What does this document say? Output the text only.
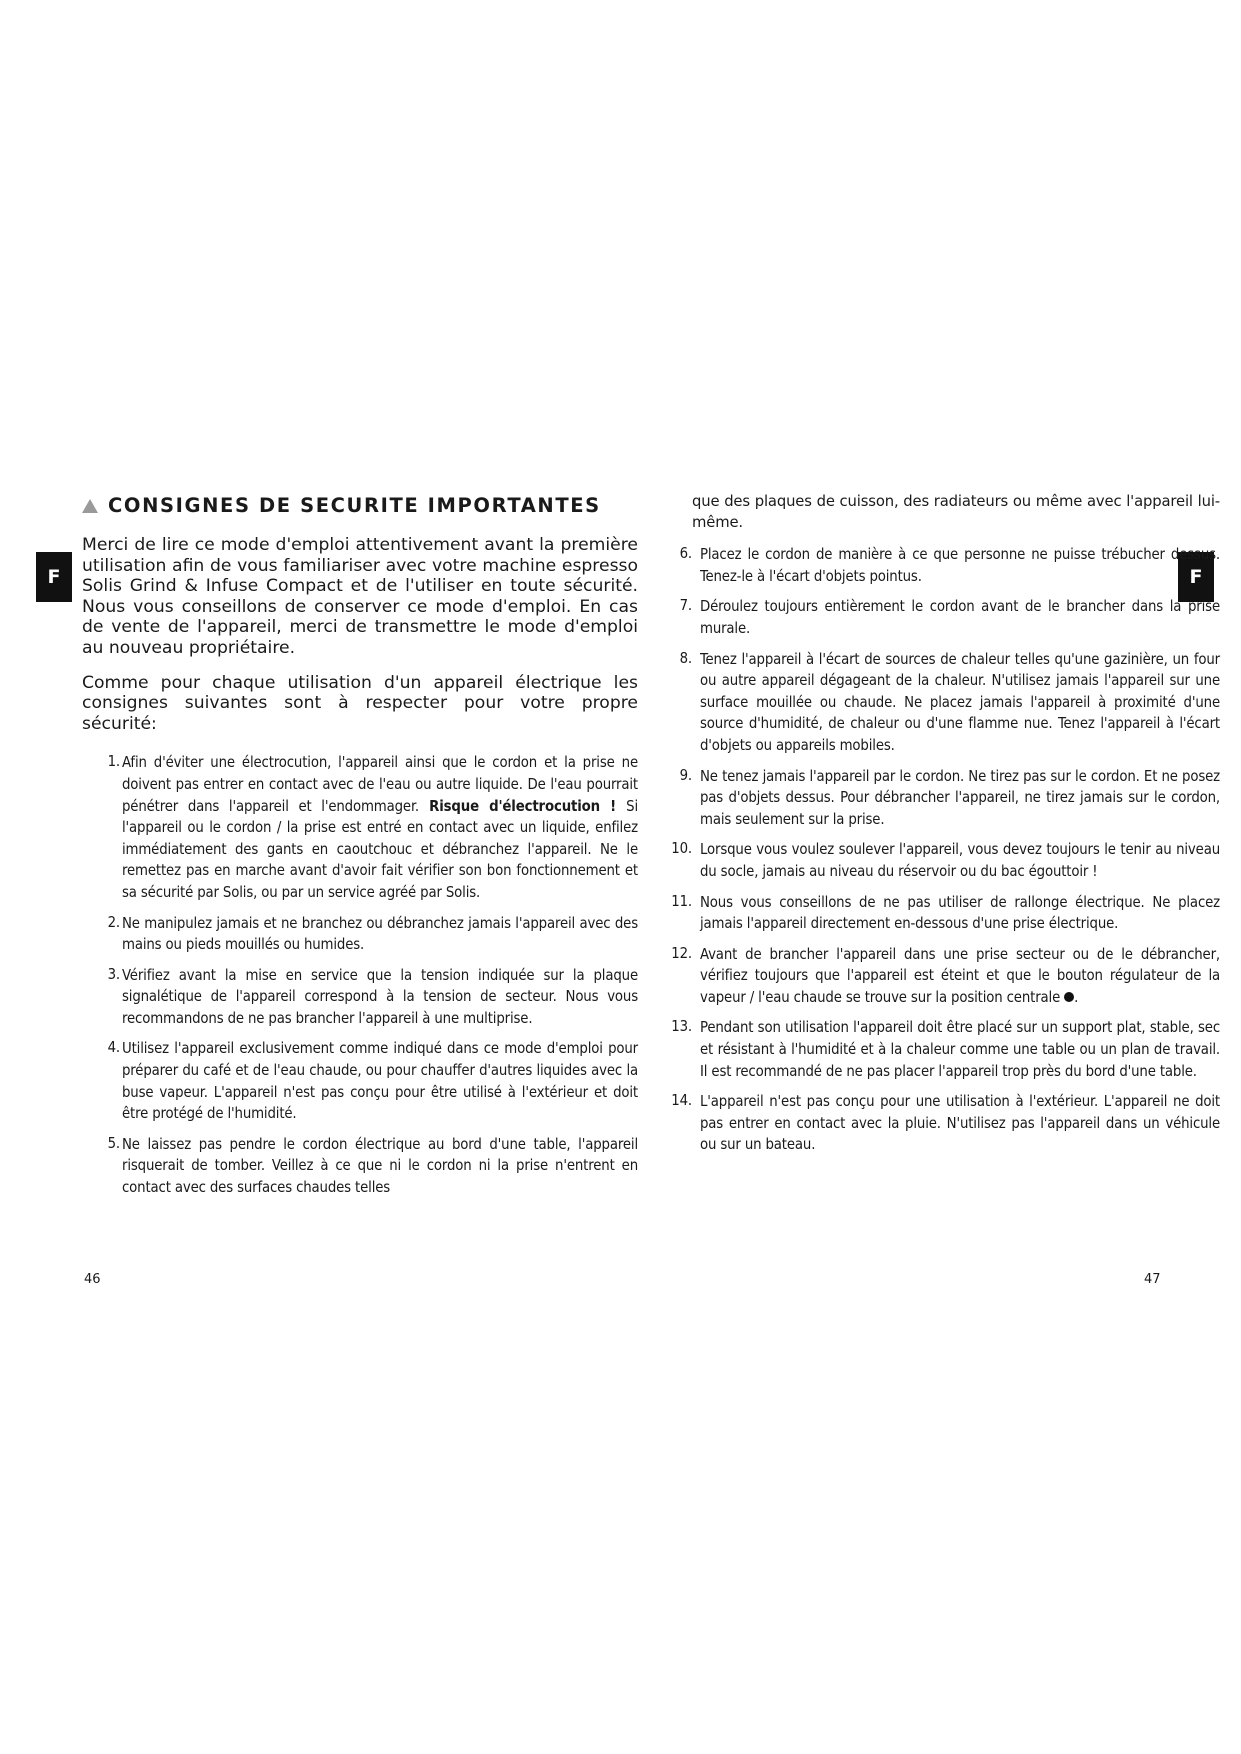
F	F
CONSIGNES DE SECURITE IMPORTANTES

Merci de lire ce mode d'emploi attentivement avant la première utilisation afin de vous familiariser avec votre machine espresso Solis Grind & Infuse Compact et de l'utiliser en toute sécurité. Nous vous conseillons de conserver ce mode d'emploi. En cas de vente de l'appareil, merci de transmettre le mode d'emploi au nouveau propriétaire.

Comme pour chaque utilisation d'un appareil électrique les consignes suivantes sont à respecter pour votre propre sécurité:

1. Afin d'éviter une électrocution, l'appareil ainsi que le cordon et la prise ne doivent pas entrer en contact avec de l'eau ou autre liquide. De l'eau pourrait pénétrer dans l'appareil et l'endommager. Risque d'électrocution ! Si l'appareil ou le cordon / la prise est entré en contact avec un liquide, enfilez immédiatement des gants en caoutchouc et débranchez l'appareil. Ne le remettez pas en marche avant d'avoir fait vérifier son bon fonctionnement et sa sécurité par Solis, ou par un service agréé par Solis.
2. Ne manipulez jamais et ne branchez ou débranchez jamais l'appareil avec des mains ou pieds mouillés ou humides.
3. Vérifiez avant la mise en service que la tension indiquée sur la plaque signalétique de l'appareil correspond à la tension de secteur. Nous vous recommandons de ne pas brancher l'appareil à une multiprise.
4. Utilisez l'appareil exclusivement comme indiqué dans ce mode d'emploi pour préparer du café et de l'eau chaude, ou pour chauffer d'autres liquides avec la buse vapeur. L'appareil n'est pas conçu pour être utilisé à l'extérieur et doit être protégé de l'humidité.
5. Ne laissez pas pendre le cordon électrique au bord d'une table, l'appareil risquerait de tomber. Veillez à ce que ni le cordon ni la prise n'entrent en contact avec des surfaces chaudes telles

que des plaques de cuisson, des radiateurs ou même avec l'appareil lui-même.

6. Placez le cordon de manière à ce que personne ne puisse trébucher dessus. Tenez-le à l'écart d'objets pointus.
7. Déroulez toujours entièrement le cordon avant de le brancher dans la prise murale.
8. Tenez l'appareil à l'écart de sources de chaleur telles qu'une gazinière, un four ou autre appareil dégageant de la chaleur. N'utilisez jamais l'appareil sur une surface mouillée ou chaude. Ne placez jamais l'appareil à proximité d'une source d'humidité, de chaleur ou d'une flamme nue. Tenez l'appareil à l'écart d'objets ou appareils mobiles.
9. Ne tenez jamais l'appareil par le cordon. Ne tirez pas sur le cordon. Et ne posez pas d'objets dessus. Pour débrancher l'appareil, ne tirez jamais sur le cordon, mais seulement sur la prise.
10. Lorsque vous voulez soulever l'appareil, vous devez toujours le tenir au niveau du socle, jamais au niveau du réservoir ou du bac égouttoir !
11. Nous vous conseillons de ne pas utiliser de rallonge électrique. Ne placez jamais l'appareil directement en-dessous d'une prise électrique.
12. Avant de brancher l'appareil dans une prise secteur ou de le débrancher, vérifiez toujours que l'appareil est éteint et que le bouton régulateur de la vapeur / l'eau chaude se trouve sur la position centrale .
13. Pendant son utilisation l'appareil doit être placé sur un support plat, stable, sec et résistant à l'humidité et à la chaleur comme une table ou un plan de travail. Il est recommandé de ne pas placer l'appareil trop près du bord d'une table.
14. L'appareil n'est pas conçu pour une utilisation à l'extérieur. L'appareil ne doit pas entrer en contact avec la pluie. N'utilisez pas l'appareil dans un véhicule ou sur un bateau.
46	47
